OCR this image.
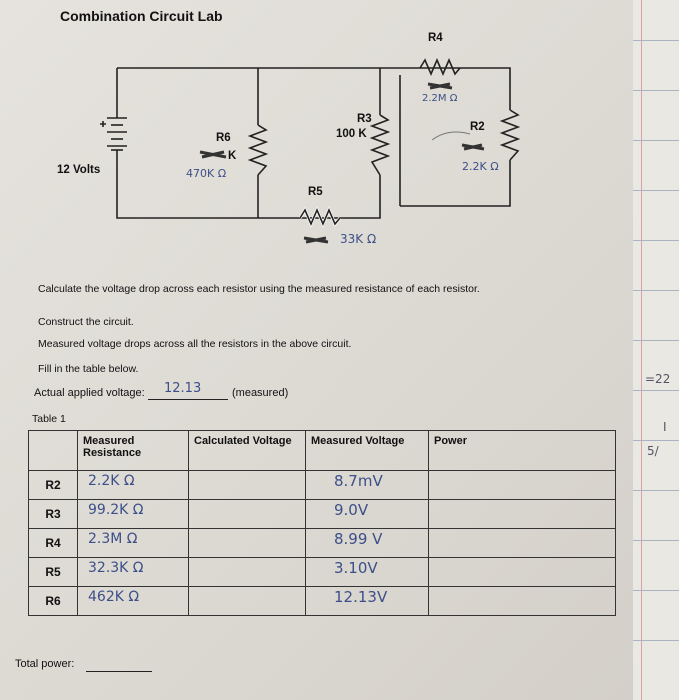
=22
I
5/
Combination Circuit Lab
12 Volts
R6
K
470K Ω
R5
33K Ω
R3
100 K
R4
2.2M Ω
R2
2.2K Ω
Calculate the voltage drop across each resistor using the measured resistance of each resistor.
Construct the circuit.
Measured voltage drops across all the resistors in the above circuit.
Fill in the table below.
Actual applied voltage: 12.13	(measured)
Table 1
	Measured Resistance	Calculated Voltage	Measured Voltage	Power
R2	2.2K Ω		8.7mV	
R3	99.2K Ω		9.0V	
R4	2.3M Ω		8.99 V	
R5	32.3K Ω		3.10V	
R6	462K Ω		12.13V	
Total power:
